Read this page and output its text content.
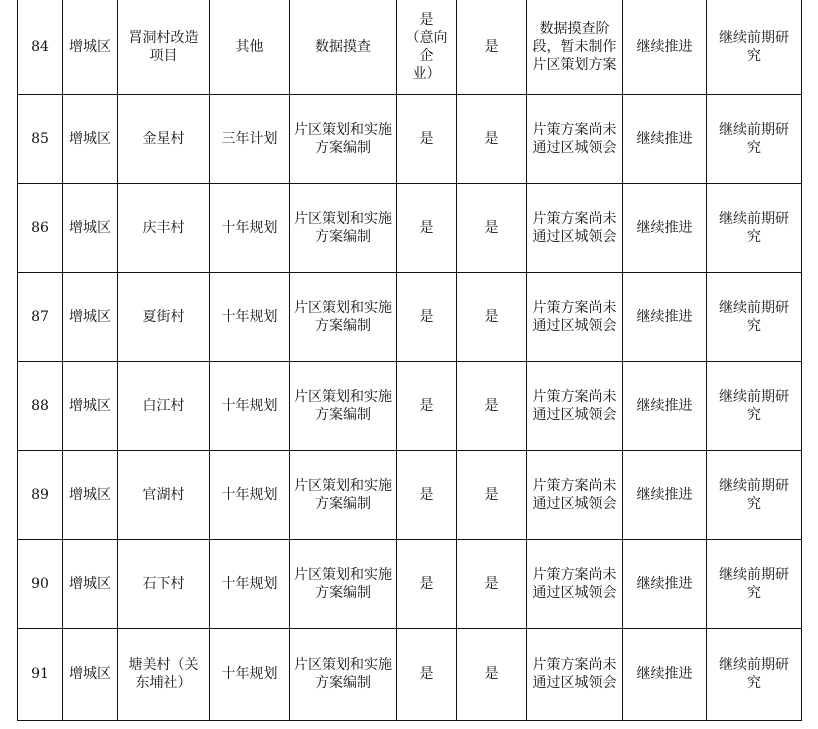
84	增城区	罥洞村改造
项目	其他	数据摸查	是
（意向企
业）	是	数据摸查阶
段，暂未制作
片区策划方案	继续推进	继续前期研
究
85	增城区	金星村	三年计划	片区策划和实施
方案编制	是	是	片策方案尚未
通过区城领会	继续推进	继续前期研
究
86	增城区	庆丰村	十年规划	片区策划和实施
方案编制	是	是	片策方案尚未
通过区城领会	继续推进	继续前期研
究
87	增城区	夏街村	十年规划	片区策划和实施
方案编制	是	是	片策方案尚未
通过区城领会	继续推进	继续前期研
究
88	增城区	白江村	十年规划	片区策划和实施
方案编制	是	是	片策方案尚未
通过区城领会	继续推进	继续前期研
究
89	增城区	官湖村	十年规划	片区策划和实施
方案编制	是	是	片策方案尚未
通过区城领会	继续推进	继续前期研
究
90	增城区	石下村	十年规划	片区策划和实施
方案编制	是	是	片策方案尚未
通过区城领会	继续推进	继续前期研
究
91	增城区	塘美村（关
东埔社）	十年规划	片区策划和实施
方案编制	是	是	片策方案尚未
通过区城领会	继续推进	继续前期研
究
